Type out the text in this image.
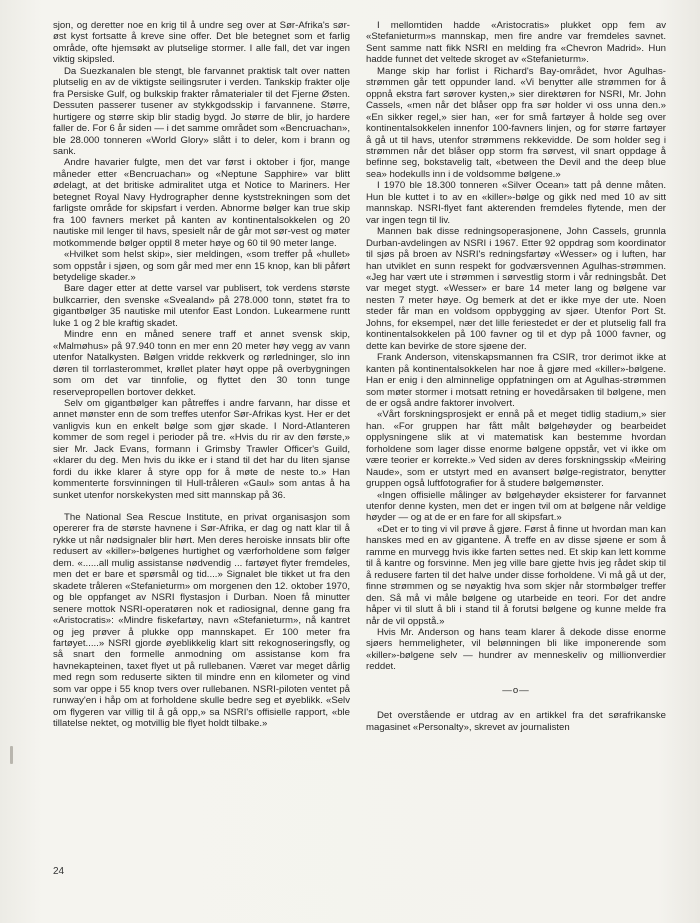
sjon, og deretter noe en krig til å undre seg over at Sør-Afrika's sør-øst kyst fortsatte å kreve sine offer. Det ble betegnet som et farlig område, ofte hjemsøkt av plutselige stormer. I alle fall, det var ingen viktig skipsled.

Da Suezkanalen ble stengt, ble farvannet praktisk talt over natten plutselig en av de viktigste seilingsruter i verden. Tankskip frakter olje fra Persiske Gulf, og bulkskip frakter råmaterialer til det Fjerne Østen. Dessuten passerer tusener av stykkgodsskip i farvannene. Større, hurtigere og større skip blir stadig bygd. Jo større de blir, jo hardere faller de. For 6 år siden — i det samme området som «Bencruachan», ble 28.000 tonneren «World Glory» slått i to deler, kom i brann og sank.

Andre havarier fulgte, men det var først i oktober i fjor, mange måneder etter «Bencruachan» og «Neptune Sapphire» var blitt ødelagt, at det britiske admiralitet utga et Notice to Mariners. Her betegnet Royal Navy Hydrographer denne kyststrekningen som det farligste område for skipsfart i verden. Abnorme bølger kan true skip fra 100 favners merket på kanten av kontinentalsokkelen og 20 nautiske mil lenger til havs, spesielt når de går mot sør-vest og møter motkommende bølger opptil 8 meter høye og 60 til 90 meter lange.

«Hvilket som helst skip», sier meldingen, «som treffer på «hullet» som oppstår i sjøen, og som går med mer enn 15 knop, kan bli påført betydelige skader.»

Bare dager etter at dette varsel var publisert, tok verdens største bulkcarrier, den svenske «Svealand» på 278.000 tonn, støtet fra to gigantbølger 35 nautiske mil utenfor East London. Lukearmene runtt luke 1 og 2 ble kraftig skadet.

Mindre enn en måned senere traff et annet svensk skip, «Malmøhus» på 97.940 tonn en mer enn 20 meter høy vegg av vann utenfor Natalkysten. Bølgen vridde rekkverk og rørledninger, slo inn døren til torrlasterommet, krøllet plater høyt oppe på overbygningen som om det var tinnfolie, og flyttet den 30 tonn tunge reservepropellen bortover dekket.

Selv om gigantbølger kan påtreffes i andre farvann, har disse et annet mønster enn de som treffes utenfor Sør-Afrikas kyst. Her er det vanligvis kun en enkelt bølge som gjør skade. I Nord-Atlanteren kommer de som regel i perioder på tre. «Hvis du rir av den første,» sier Mr. Jack Evans, formann i Grimsby Trawler Officer's Guild, «klarer du deg. Men hvis du ikke er i stand til det har du liten sjanse fordi du ikke klarer å styre opp for å møte de neste to.» Han kommenterte forsvinningen til Hull-tråleren «Gaul» som antas å ha sunket utenfor norskekysten med sitt mannskap på 36.

The National Sea Rescue Institute, en privat organisasjon som opererer fra de største havnene i Sør-Afrika, er dag og natt klar til å rykke ut når nødsignaler blir hørt. Men deres heroiske innsats blir ofte redusert av «killer»-bølgenes hurtighet og værforholdene som følger dem. «......all mulig assistanse nødvendig ... fartøyet flyter fremdeles, men det er bare et spørsmål og tid....» Signalet ble tikket ut fra den skadete tråleren «Stefanieturm» om morgenen den 12. oktober 1970, og ble oppfanget av NSRI flystasjon i Durban. Noen få minutter senere mottok NSRI-operatøren nok et radiosignal, denne gang fra «Aristocratis»: «Mindre fiskefartøy, navn «Stefanieturm», nå kantret og jeg prøver å plukke opp mannskapet. Er 100 meter fra fartøyet.....» NSRI gjorde øyeblikkelig klart sitt rekognoseringsfly, og så snart den formelle anmodning om assistanse kom fra havnekapteinen, taxet flyet ut på rullebanen. Været var meget dårlig med regn som reduserte sikten til mindre enn en kilometer og vind som var oppe i 55 knop tvers over rullebanen. NSRI-piloten ventet på runway'en i håp om at forholdene skulle bedre seg et øyeblikk. «Selv om flygeren var villig til å gå opp,» sa NSRI's offisielle rapport, «ble tillatelse nektet, og motvillig ble flyet holdt tilbake.»

I mellomtiden hadde «Aristocratis» plukket opp fem av «Stefanieturm»s mannskap, men fire andre var fremdeles savnet. Sent samme natt fikk NSRI en melding fra «Chevron Madrid». Hun hadde funnet det veltede skroget av «Stefanieturm».

Mange skip har forlist i Richard's Bay-området, hvor Agulhas-strømmen går tett oppunder land. «Vi benytter alle strømmen for å oppnå ekstra fart sørover kysten,» sier direktøren for NSRI, Mr. John Cassels, «men når det blåser opp fra sør holder vi oss unna den.» «En sikker regel,» sier han, «er for små fartøyer å holde seg over kontinentalsokkelen innenfor 100-favners linjen, og for større fartøyer å gå ut til havs, utenfor strømmens rekkevidde. De som holder seg i strømmen når det blåser opp storm fra sørvest, vil snart oppdage å befinne seg, bokstavelig talt, «between the Devil and the deep blue sea» hodekulls inn i de voldsomme bølgene.»

I 1970 ble 18.300 tonneren «Silver Ocean» tatt på denne måten. Hun ble kuttet i to av en «killer»-bølge og gikk ned med 10 av sitt mannskap. NSRI-flyet fant akterenden fremdeles flytende, men der var ingen tegn til liv.

Mannen bak disse redningsoperasjonene, John Cassels, grunnla Durban-avdelingen av NSRI i 1967. Etter 92 oppdrag som koordinator til sjøs på broen av NSRI's redningsfartøy «Wesser» og i luften, har han utviklet en sunn respekt for godværsvennen Agulhas-strømmen. «Jeg har vært ute i strømmen i sørvestlig storm i vår redningsbåt. Det var meget stygt. «Wesser» er bare 14 meter lang og bølgene var nesten 7 meter høye. Og bemerk at det er ikke mye der ute. Noen steder får man en voldsom oppbygging av sjøer. Utenfor Port St. Johns, for eksempel, nær det lille feriestedet er der et plutselig fall fra kontinentalsokkelen på 100 favner og til et dyp på 1000 favner, og dette kan bevirke de store sjøene der.

Frank Anderson, vitenskapsmannen fra CSIR, tror derimot ikke at kanten på kontinentalsokkelen har noe å gjøre med «killer»-bølgene. Han er enig i den alminnelige oppfatningen om at Agulhas-strømmen som møter stormer i motsatt retning er hovedårsaken til bølgene, men de er også andre faktorer involvert.

«Vårt forskningsprosjekt er ennå på et meget tidlig stadium,» sier han. «For gruppen har fått målt bølgehøyder og bearbeidet opplysningene slik at vi matematisk kan bestemme hvordan forholdene som lager disse enorme bølgene oppstår, vet vi ikke om være teorier er korrekte.» Ved siden av deres forskningsskip «Meiring Naude», som er utstyrt med en avansert bølge-registrator, benytter gruppen også luftfotografier for å studere bølgemønster.

«Ingen offisielle målinger av bølgehøyder eksisterer for farvannet utenfor denne kysten, men det er ingen tvil om at bølgene når veldige høyder — og at de er en fare for all skipsfart.»

«Det er to ting vi vil prøve å gjøre. Først å finne ut hvordan man kan hanskes med en av gigantene. Å treffe en av disse sjøene er som å ramme en murvegg hvis ikke farten settes ned. Et skip kan lett komme til å kantre og forsvinne. Men jeg ville bare gjette hvis jeg rådet skip til å redusere farten til det halve under disse forholdene. Vi må gå ut der, finne strømmen og se nøyaktig hva som skjer når stormbølger treffer den. Så må vi måle bølgene og utarbeide en teori. For det andre håper vi til slutt å bli i stand til å forutsi bølgene og kunne melde fra når de vil oppstå.»

Hvis Mr. Anderson og hans team klarer å dekode disse enorme sjøers hemmeligheter, vil belønningen bli like imponerende som «killer»-bølgene selv — hundrer av menneskeliv og millionverdier reddet.

—o—

Det overstående er utdrag av en artikkel fra det sørafrikanske magasinet «Personalty», skrevet av journalisten

24
